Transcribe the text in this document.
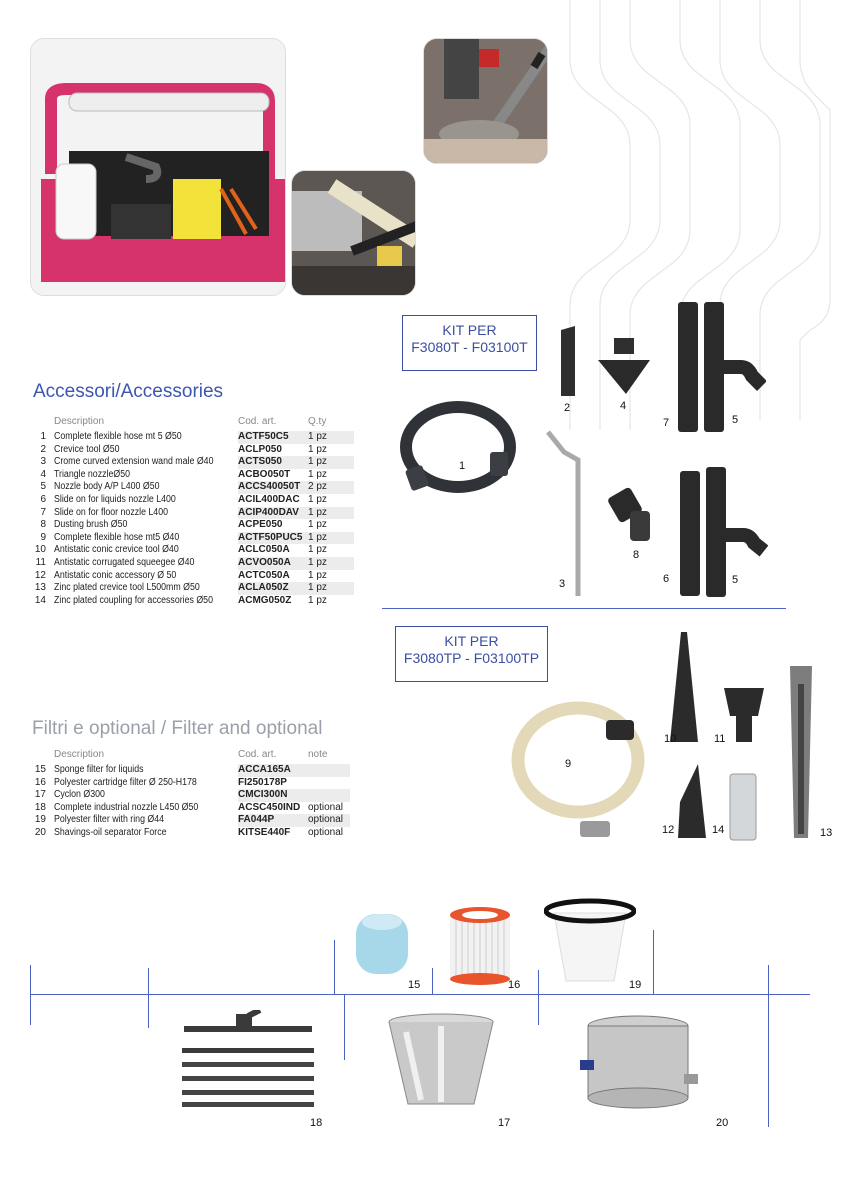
KIT PER
F3080T - F03100T
KIT PER
F3080TP - F03100TP
Accessori/Accessories
Filtri e optional / Filter and optional
	Description	Cod. art.	Q.ty
1	Complete flexible hose mt 5 Ø50	ACTF50C5	1 pz
2	Crevice tool Ø50	ACLP050	1 pz
3	Crome curved extension wand male Ø40	ACTS050	1 pz
4	Triangle nozzleØ50	ACBO050T	1 pz
5	Nozzle body A/P L400 Ø50	ACCS40050T	2 pz
6	Slide on for liquids nozzle L400	ACIL400DAC	1 pz
7	Slide on for floor nozzle L400	ACIP400DAV	1 pz
8	Dusting brush Ø50	ACPE050	1 pz
9	Complete flexible hose mt5 Ø40	ACTF50PUC5	1 pz
10	Antistatic conic crevice tool Ø40	ACLC050A	1 pz
11	Antistatic corrugated squeegee Ø40	ACVO050A	1 pz
12	Antistatic conic accessory Ø 50	ACTC050A	1 pz
13	Zinc plated crevice tool L500mm Ø50	ACLA050Z	1 pz
14	Zinc plated coupling for accessories Ø50	ACMG050Z	1 pz
	Description	Cod. art.	note
15	Sponge filter for liquids	ACCA165A	
16	Polyester cartridge filter Ø 250-H178	FI250178P	
17	Cyclon Ø300	CMCI300N	
18	Complete industrial nozzle L450 Ø50	ACSC450IND	optional
19	Polyester filter with ring Ø44	FA044P	optional
20	Shavings-oil separator Force	KITSE440F	optional
1
2	4
7	5
3
8
6	5
9
10	11
12	14	13
15	16	19
18	17	20
